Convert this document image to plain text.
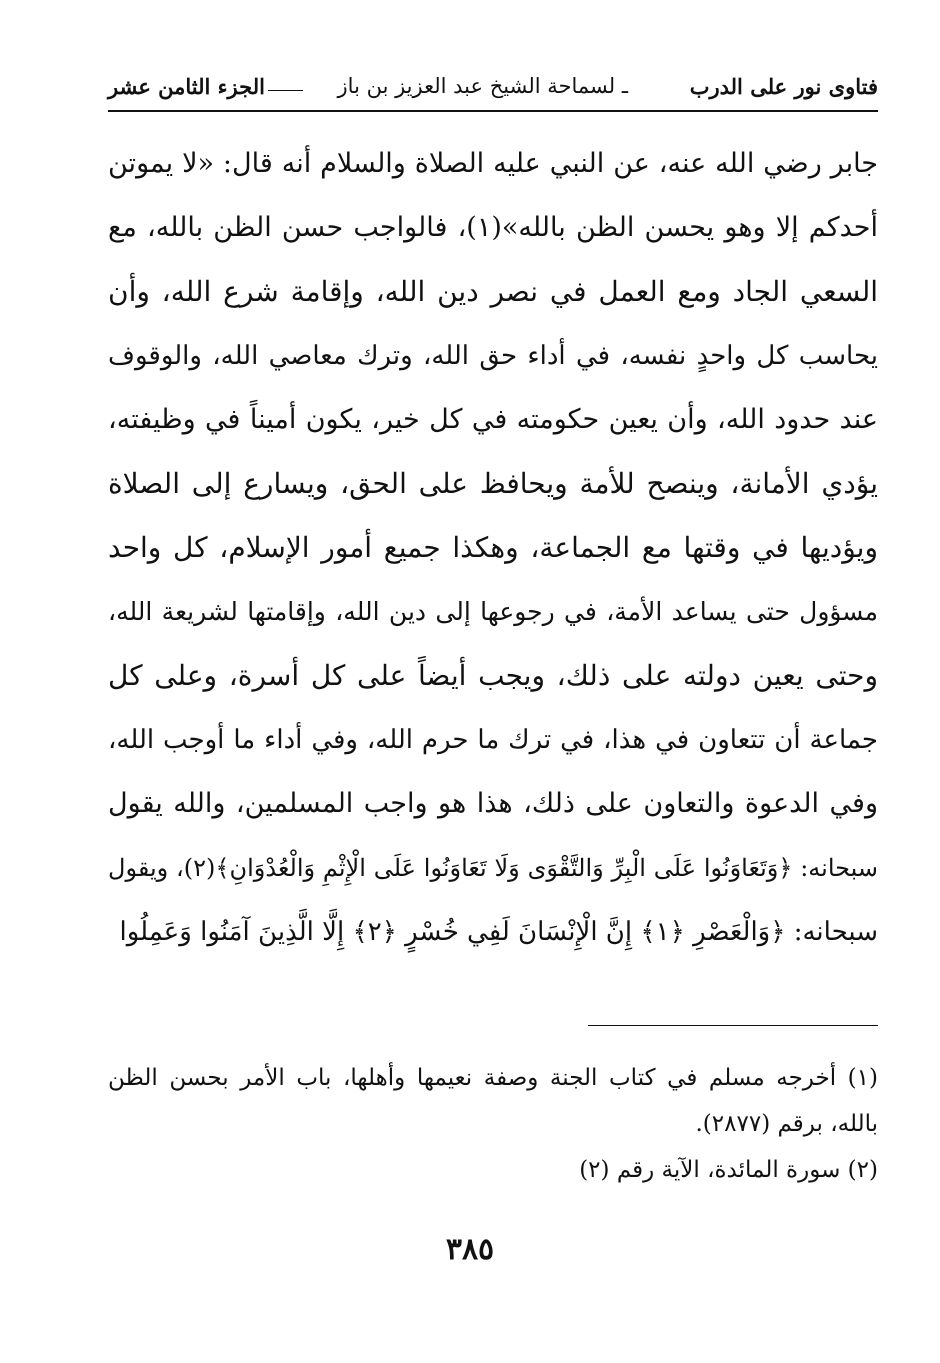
فتاوى نور على الدرب
ـ لسماحة الشيخ عبد العزيز بن باز
الجزء الثامن عشر
جابر رضي الله عنه، عن النبي عليه الصلاة والسلام أنه قال: «لا يموتن
أحدكم إلا وهو يحسن الظن بالله»(١)، فالواجب حسن الظن بالله، مع
السعي الجاد ومع العمل في نصر دين الله، وإقامة شرع الله، وأن
يحاسب كل واحدٍ نفسه، في أداء حق الله، وترك معاصي الله، والوقوف
عند حدود الله، وأن يعين حكومته في كل خير، يكون أميناً في وظيفته،
يؤدي الأمانة، وينصح للأمة ويحافظ على الحق، ويسارع إلى الصلاة
ويؤديها في وقتها مع الجماعة، وهكذا جميع أمور الإسلام، كل واحد
مسؤول حتى يساعد الأمة، في رجوعها إلى دين الله، وإقامتها لشريعة الله،
وحتى يعين دولته على ذلك، ويجب أيضاً على كل أسرة، وعلى كل
جماعة أن تتعاون في هذا، في ترك ما حرم الله، وفي أداء ما أوجب الله،
وفي الدعوة والتعاون على ذلك، هذا هو واجب المسلمين، والله يقول
سبحانه: ﴿وَتَعَاوَنُوا عَلَى الْبِرِّ وَالتَّقْوَى وَلَا تَعَاوَنُوا عَلَى الْإِثْمِ وَالْعُدْوَانِ﴾(٢)، ويقول
سبحانه: ﴿وَالْعَصْرِ ﴿١﴾ إِنَّ الْإِنْسَانَ لَفِي خُسْرٍ ﴿٢﴾ إِلَّا الَّذِينَ آمَنُوا وَعَمِلُوا
(١) أخرجه مسلم في كتاب الجنة وصفة نعيمها وأهلها، باب الأمر بحسن الظن بالله، برقم (٢٨٧٧).
(٢) سورة المائدة، الآية رقم (٢)
٣٨٥
